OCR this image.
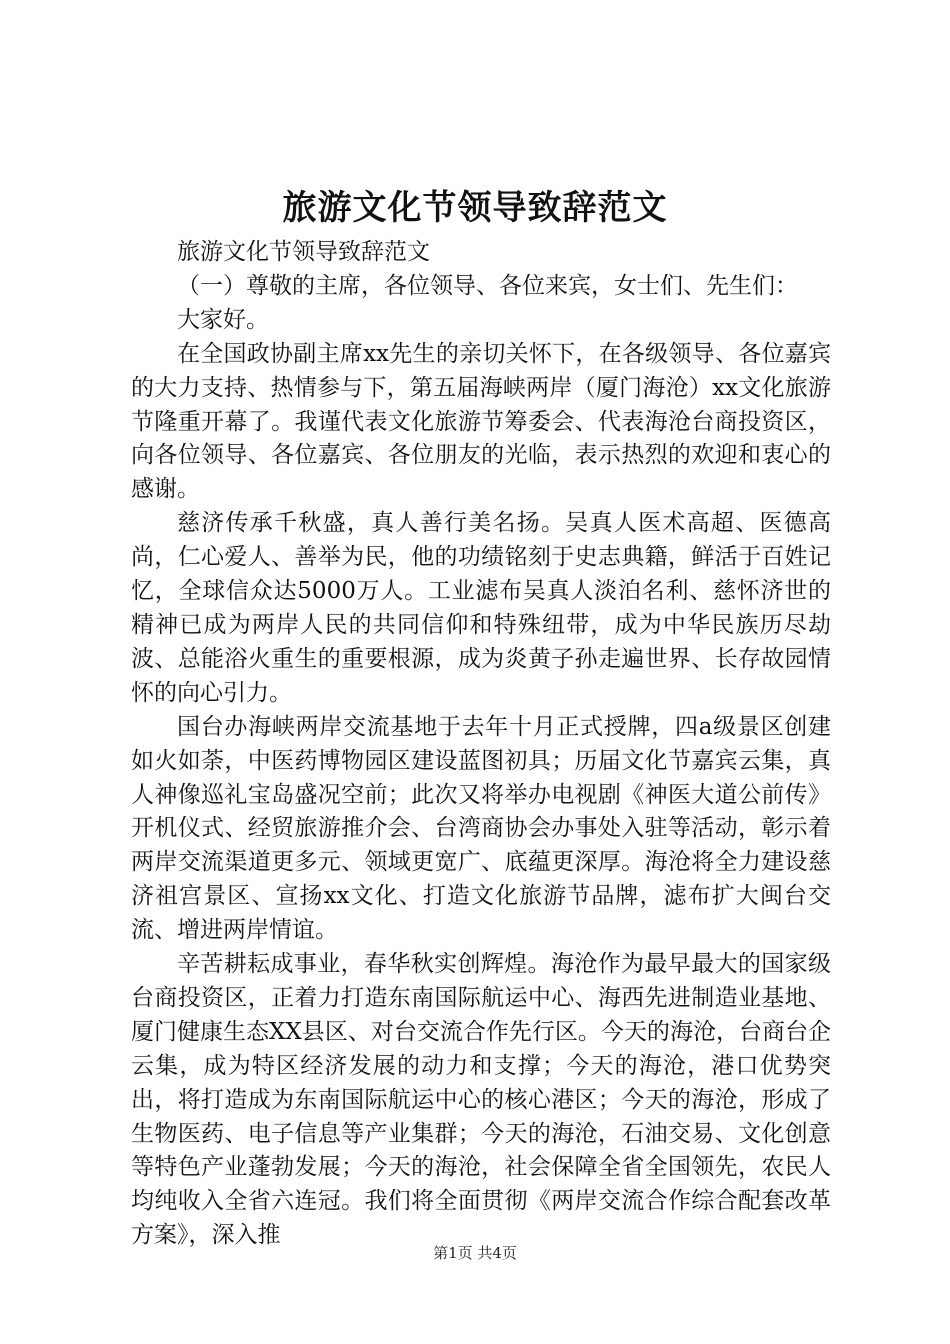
旅游文化节领导致辞范文

旅游文化节领导致辞范文

（一）尊敬的主席，各位领导、各位来宾，女士们、先生们：

大家好。

在全国政协副主席xx先生的亲切关怀下，在各级领导、各位嘉宾的大力支持、热情参与下，第五届海峡两岸（厦门海沧）xx文化旅游节隆重开幕了。我谨代表文化旅游节筹委会、代表海沧台商投资区，向各位领导、各位嘉宾、各位朋友的光临，表示热烈的欢迎和衷心的感谢。

慈济传承千秋盛，真人善行美名扬。吴真人医术高超、医德高尚，仁心爱人、善举为民，他的功绩铭刻于史志典籍，鲜活于百姓记忆，全球信众达5000万人。工业滤布吴真人淡泊名利、慈怀济世的精神已成为两岸人民的共同信仰和特殊纽带，成为中华民族历尽劫波、总能浴火重生的重要根源，成为炎黄子孙走遍世界、长存故园情怀的向心引力。

国台办海峡两岸交流基地于去年十月正式授牌，四a级景区创建如火如荼，中医药博物园区建设蓝图初具；历届文化节嘉宾云集，真人神像巡礼宝岛盛况空前；此次又将举办电视剧《神医大道公前传》开机仪式、经贸旅游推介会、台湾商协会办事处入驻等活动，彰示着两岸交流渠道更多元、领域更宽广、底蕴更深厚。海沧将全力建设慈济祖宫景区、宣扬xx文化、打造文化旅游节品牌，滤布扩大闽台交流、增进两岸情谊。

辛苦耕耘成事业，春华秋实创辉煌。海沧作为最早最大的国家级台商投资区，正着力打造东南国际航运中心、海西先进制造业基地、厦门健康生态XX县区、对台交流合作先行区。今天的海沧，台商台企云集，成为特区经济发展的动力和支撑；今天的海沧，港口优势突出，将打造成为东南国际航运中心的核心港区；今天的海沧，形成了生物医药、电子信息等产业集群；今天的海沧，石油交易、文化创意等特色产业蓬勃发展；今天的海沧，社会保障全省全国领先，农民人均纯收入全省六连冠。我们将全面贯彻《两岸交流合作综合配套改革方案》，深入推

第1页 共4页
